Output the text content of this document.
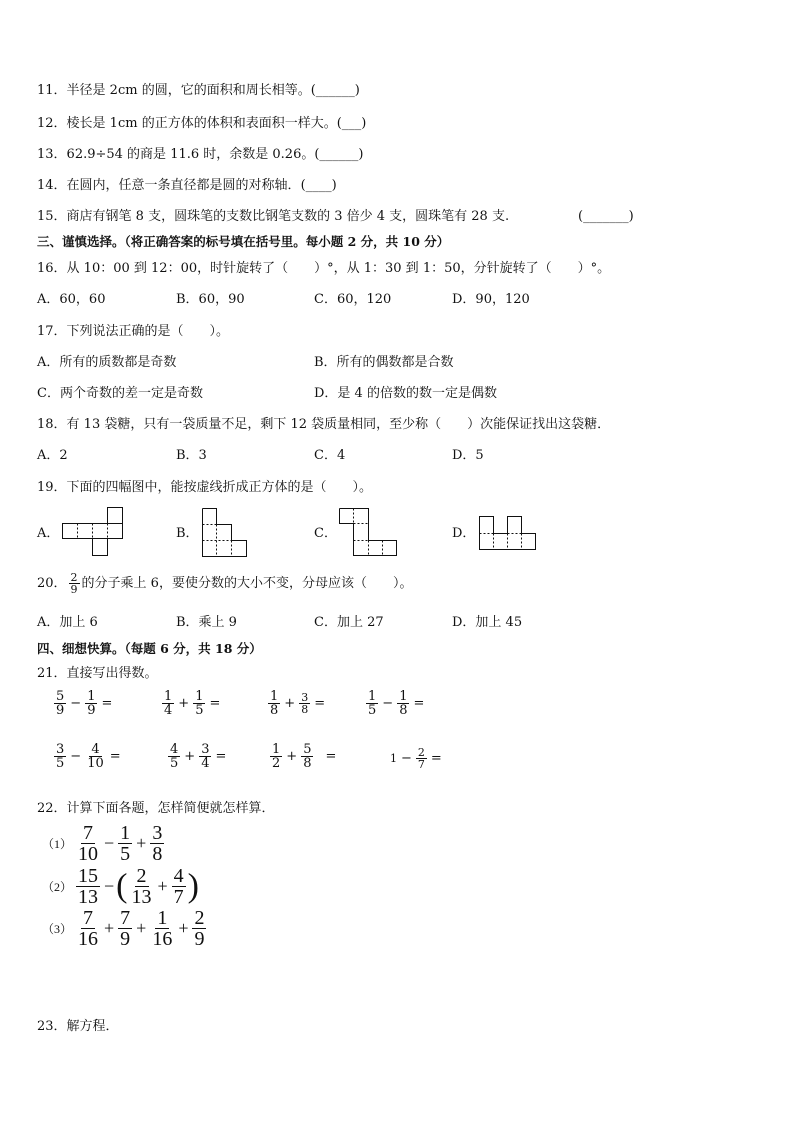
11．半径是 2cm 的圆，它的面积和周长相等。(______)
12．棱长是 1cm 的正方体的体积和表面积一样大。(___)
13．62.9÷54 的商是 11.6 时，余数是 0.26。(______)
14．在圆内，任意一条直径都是圆的对称轴．(____)
15．商店有钢笔 8 支，圆珠笔的支数比钢笔支数的 3 倍少 4 支，圆珠笔有 28 支.	(_______)
三、谨慎选择。（将正确答案的标号填在括号里。每小题 2 分，共 10 分）
16．从 10：00 到 12：00，时针旋转了（　　）°，从 1：30 到 1：50，分针旋转了（　　）°。
A．60，60	B．60，90	C．60，120	D．90，120
17．下列说法正确的是（　　）。
A．所有的质数都是奇数	B．所有的偶数都是合数
C．两个奇数的差一定是奇数	D．是 4 的倍数的数一定是偶数
18．有 13 袋糖，只有一袋质量不足，剩下 12 袋质量相同，至少称（　　）次能保证找出这袋糖．
A．2	B．3	C．4	D．5
19．下面的四幅图中，能按虚线折成正方体的是（　　）。
A．	B．	C．	D．
20． $\frac{2}{9}$ 的分子乘上 6，要使分数的大小不变，分母应该（　　）。
A．加上 6	B．乘上 9	C．加上 27	D．加上 45
四、细想快算。（每题 6 分，共 18 分）
21．直接写出得数。
$\frac{5}{9} - \frac{1}{9}$ =	$\frac{1}{4} + \frac{1}{5}$ =	$\frac{1}{8} + \frac{3}{8}$ =	$\frac{1}{5} - \frac{1}{8}$ =
$\frac{3}{5} - \frac{4}{10}$ =	$\frac{4}{5} + \frac{3}{4}$ =	$\frac{1}{2} + \frac{5}{8}$ =	$1 - \frac{2}{7}$ =
22．计算下面各题，怎样简便就怎样算．
$(1) \frac{7}{10} - \frac{1}{5} + \frac{3}{8}$
$(2) \frac{15}{13}$ −( $\frac{2}{13} + \frac{4}{7}$ )
$(3) \frac{7}{16} + \frac{7}{9} + \frac{1}{16} + \frac{2}{9}$
23．解方程．
